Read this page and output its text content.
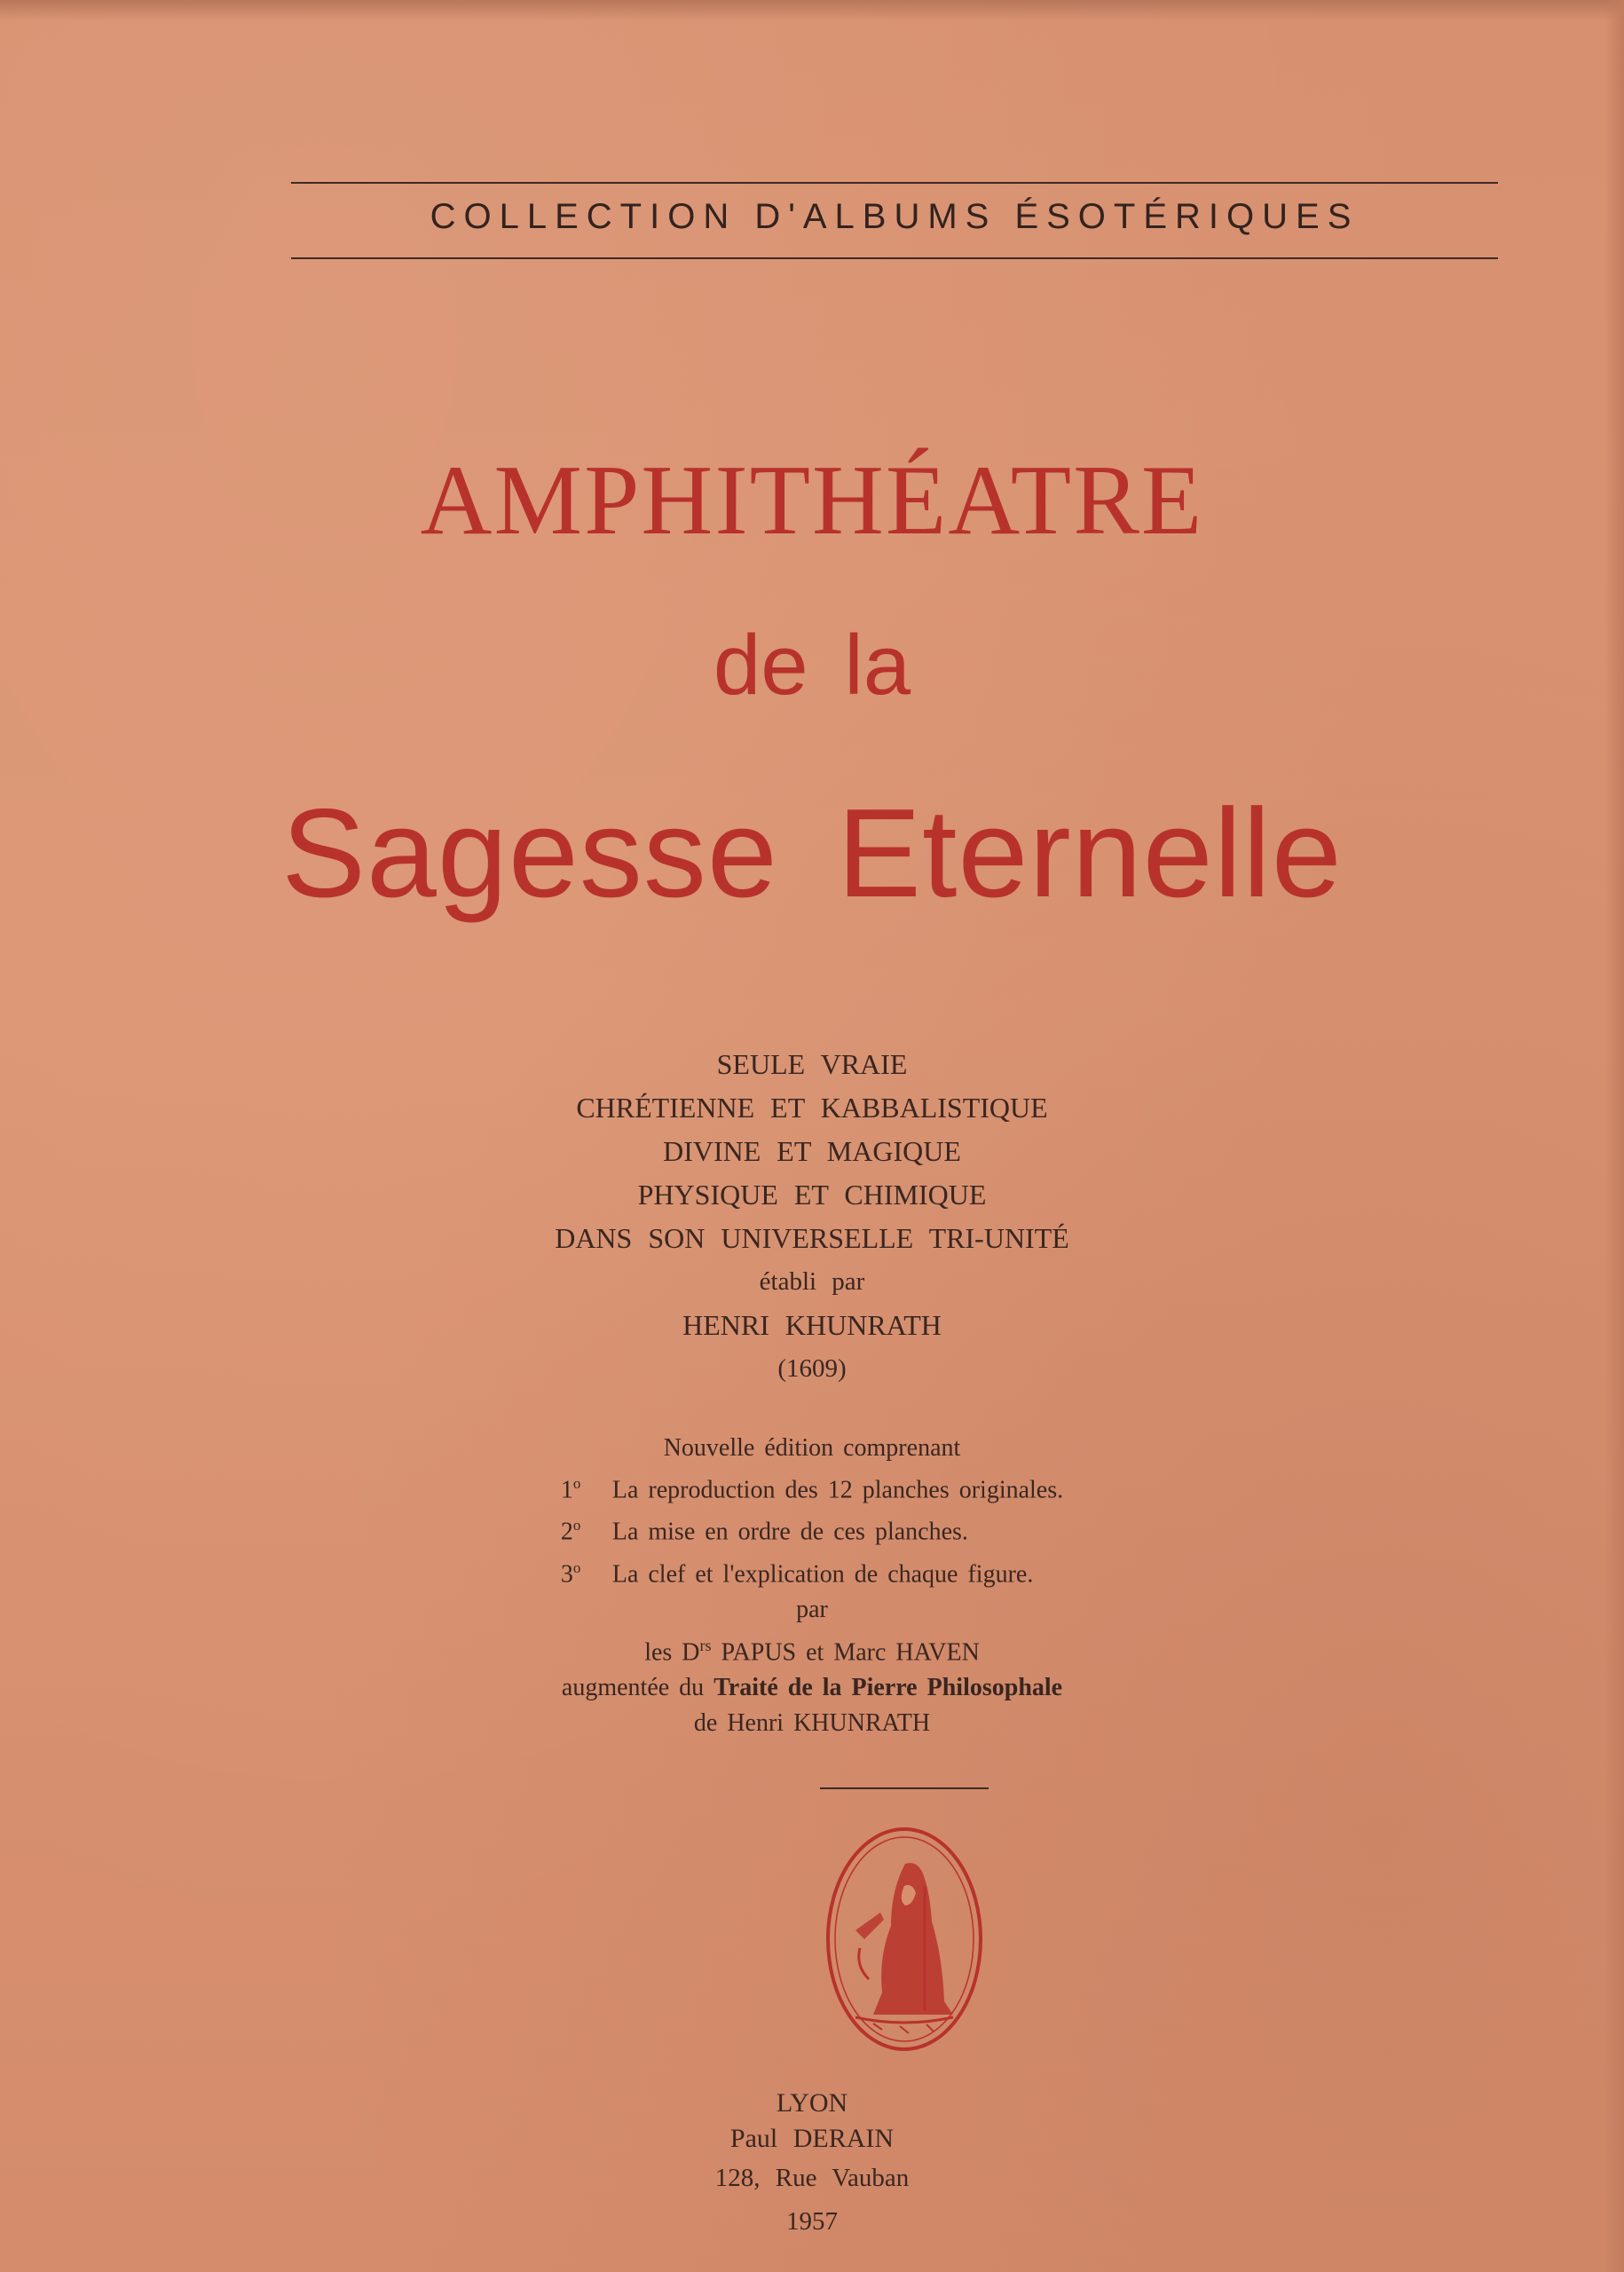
COLLECTION D'ALBUMS ÉSOTÉRIQUES
AMPHITHÉATRE
de la
Sagesse Eternelle
SEULE VRAIE
CHRÉTIENNE ET KABBALISTIQUE
DIVINE ET MAGIQUE
PHYSIQUE ET CHIMIQUE
DANS SON UNIVERSELLE TRI-UNITÉ
établi par
HENRI KHUNRATH
(1609)
Nouvelle édition comprenant
1$^o$ La reproduction des 12 planches originales.
2$^o$ La mise en ordre de ces planches.
3$^o$ La clef et l'explication de chaque figure.
par
les $D^{rs}$ PAPUS et Marc HAVEN
augmentée du Traité de la Pierre Philosophale
de Henri KHUNRATH
LYON
Paul DERAIN
128, Rue Vauban
1957
